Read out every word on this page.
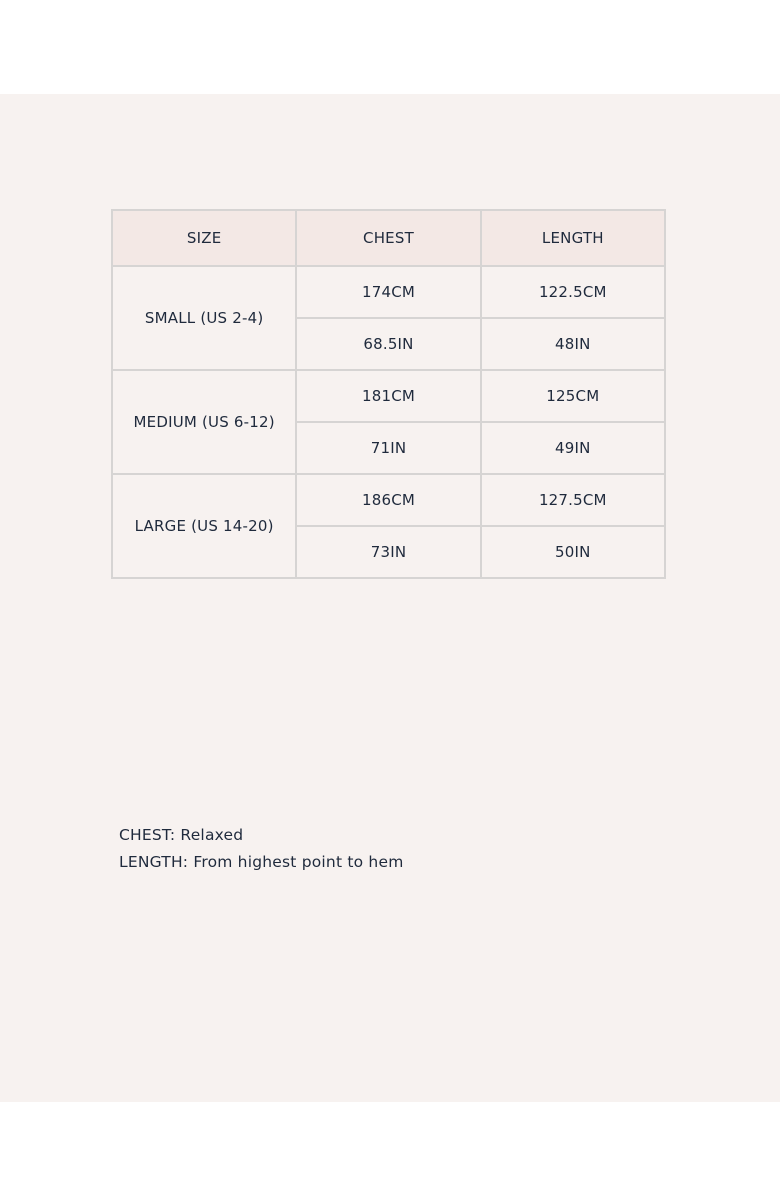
SIZE	CHEST	LENGTH
SMALL (US 2-4)	174CM	122.5CM
	68.5IN	48IN
MEDIUM (US 6-12)	181CM	125CM
	71IN	49IN
LARGE (US 14-20)	186CM	127.5CM
	73IN	50IN
CHEST: Relaxed
LENGTH: From highest point to hem
